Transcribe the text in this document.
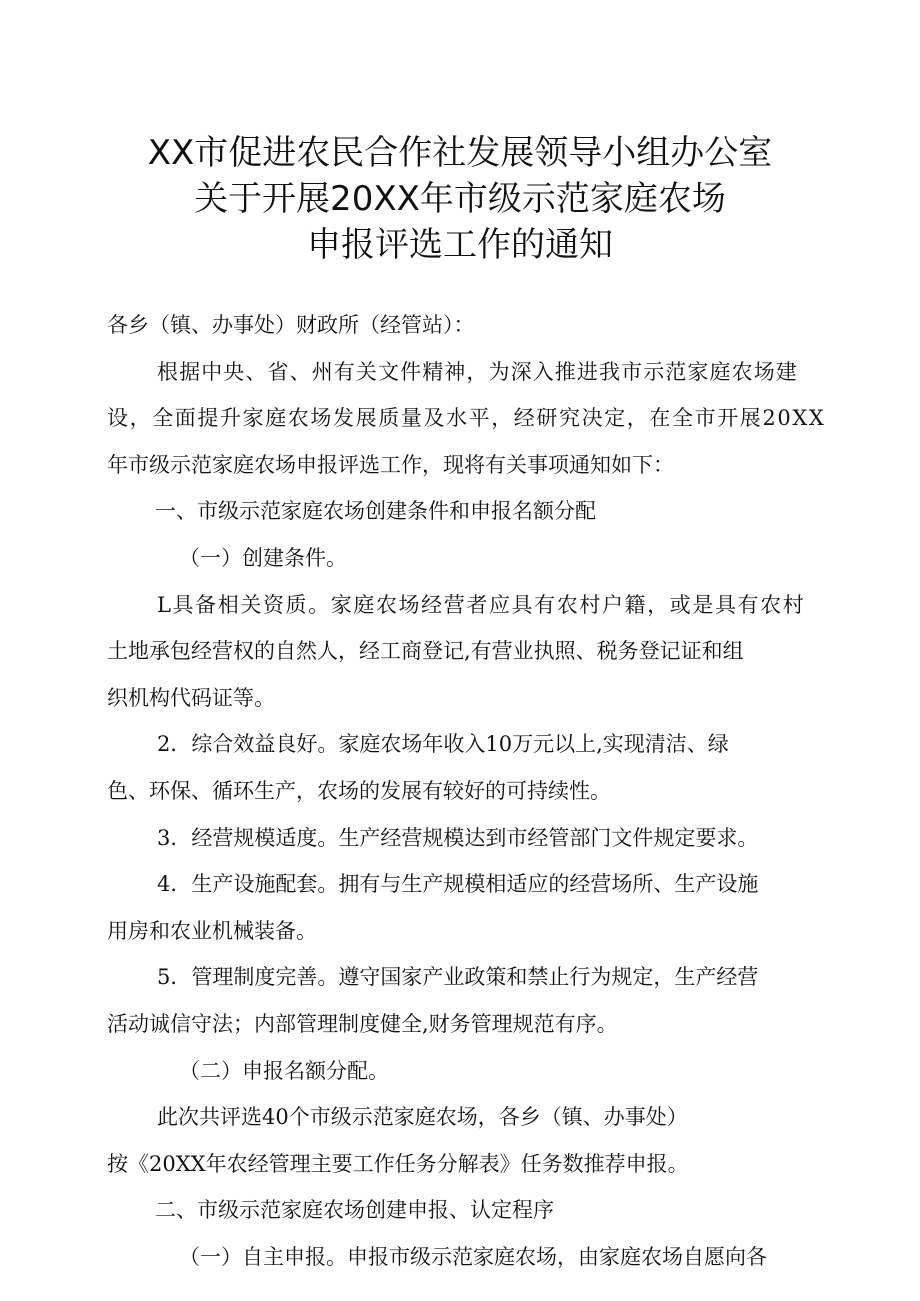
XX市促进农民合作社发展领导小组办公室
关于开展20XX年市级示范家庭农场
申报评选工作的通知
各乡（镇、办事处）财政所（经管站）：
根据中央、省、州有关文件精神，为深入推进我市示范家庭农场建
设，全面提升家庭农场发展质量及水平，经研究决定，在全市开展20XX
年市级示范家庭农场申报评选工作，现将有关事项通知如下：
一、市级示范家庭农场创建条件和申报名额分配
（一）创建条件。
L具备相关资质。家庭农场经营者应具有农村户籍，或是具有农村
土地承包经营权的自然人，经工商登记,有营业执照、税务登记证和组
织机构代码证等。
2．综合效益良好。家庭农场年收入10万元以上,实现清洁、绿
色、环保、循环生产，农场的发展有较好的可持续性。
3．经营规模适度。生产经营规模达到市经管部门文件规定要求。
4．生产设施配套。拥有与生产规模相适应的经营场所、生产设施
用房和农业机械装备。
5．管理制度完善。遵守国家产业政策和禁止行为规定，生产经营
活动诚信守法；内部管理制度健全,财务管理规范有序。
（二）申报名额分配。
此次共评选40个市级示范家庭农场，各乡（镇、办事处）
按《20XX年农经管理主要工作任务分解表》任务数推荐申报。
二、市级示范家庭农场创建申报、认定程序
（一）自主申报。申报市级示范家庭农场，由家庭农场自愿向各
